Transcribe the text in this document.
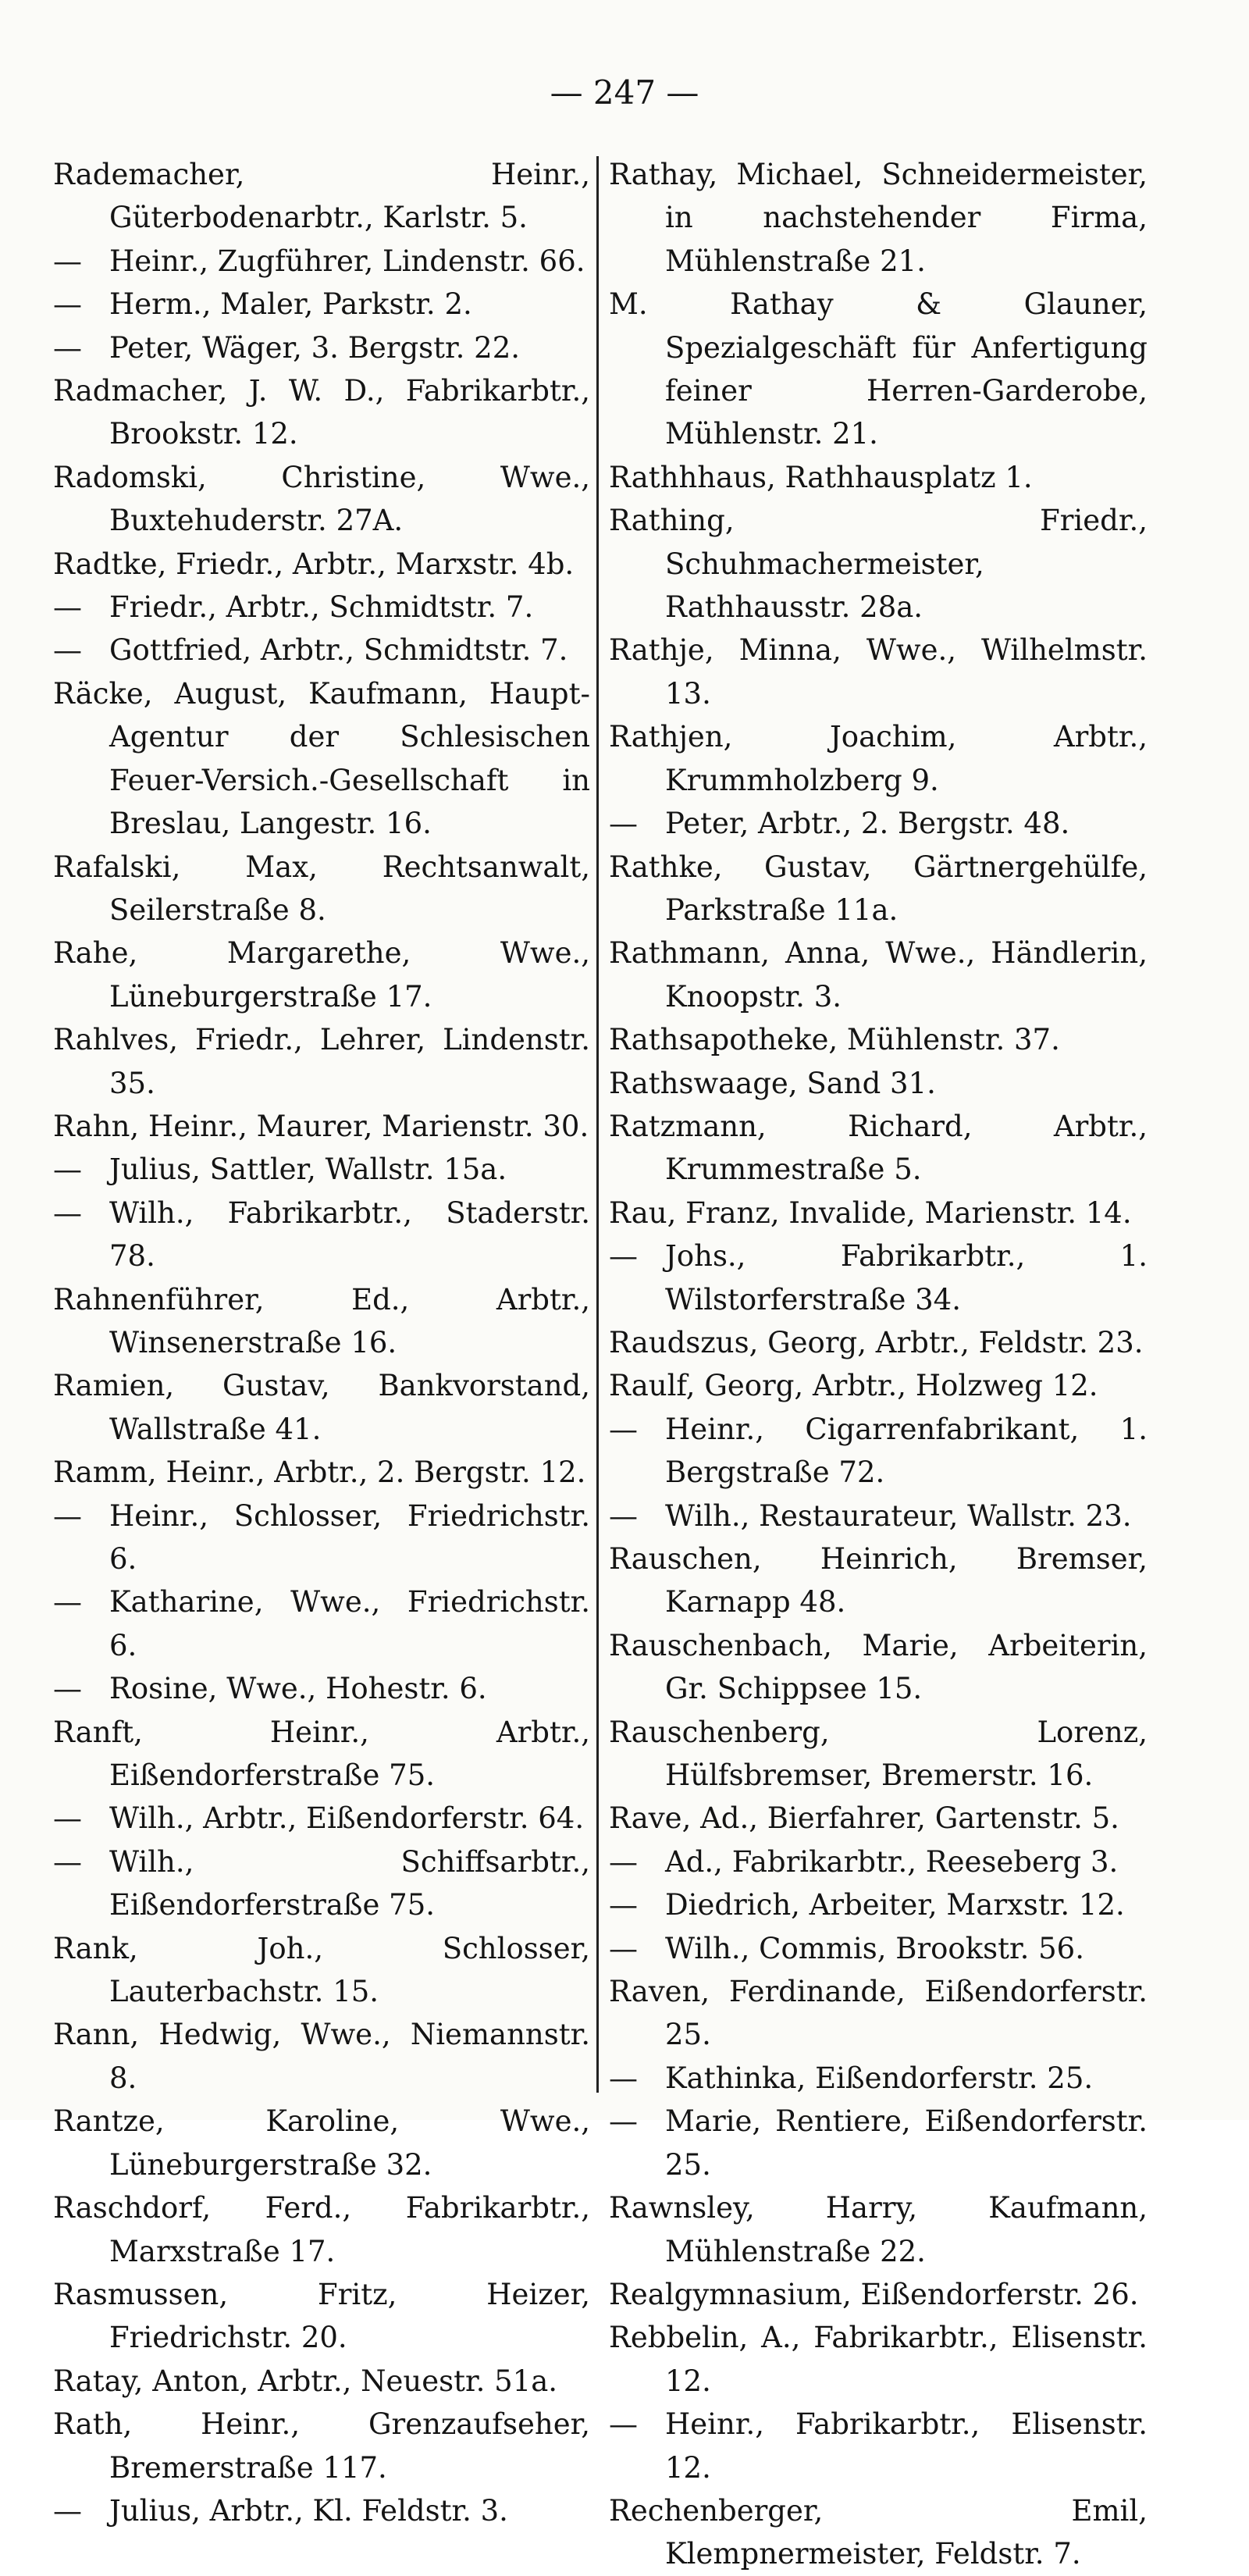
— 247 —

Rademacher, Heinr., Güterbodenarbtr., Karlstr. 5.

— Heinr., Zugführer, Lindenstr. 66.

— Herm., Maler, Parkstr. 2.

— Peter, Wäger, 3. Bergstr. 22.

Radmacher, J. W. D., Fabrikarbtr., Brookstr. 12.

Radomski, Christine, Wwe., Buxtehuderstr. 27A.

Radtke, Friedr., Arbtr., Marxstr. 4b.

— Friedr., Arbtr., Schmidtstr. 7.

— Gottfried, Arbtr., Schmidtstr. 7.

Räcke, August, Kaufmann, Haupt-Agentur der Schlesischen Feuer-Versich.-Gesellschaft in Breslau, Langestr. 16.

Rafalski, Max, Rechtsanwalt, Seilerstraße 8.

Rahe, Margarethe, Wwe., Lüneburgerstraße 17.

Rahlves, Friedr., Lehrer, Lindenstr. 35.

Rahn, Heinr., Maurer, Marienstr. 30.

— Julius, Sattler, Wallstr. 15a.

— Wilh., Fabrikarbtr., Staderstr. 78.

Rahnenführer, Ed., Arbtr., Winsenerstraße 16.

Ramien, Gustav, Bankvorstand, Wallstraße 41.

Ramm, Heinr., Arbtr., 2. Bergstr. 12.

— Heinr., Schlosser, Friedrichstr. 6.

— Katharine, Wwe., Friedrichstr. 6.

— Rosine, Wwe., Hohestr. 6.

Ranft, Heinr., Arbtr., Eißendorferstraße 75.

— Wilh., Arbtr., Eißendorferstr. 64.

— Wilh., Schiffsarbtr., Eißendorferstraße 75.

Rank, Joh., Schlosser, Lauterbachstr. 15.

Rann, Hedwig, Wwe., Niemannstr. 8.

Rantze, Karoline, Wwe., Lüneburgerstraße 32.

Raschdorf, Ferd., Fabrikarbtr., Marxstraße 17.

Rasmussen, Fritz, Heizer, Friedrichstr. 20.

Ratay, Anton, Arbtr., Neuestr. 51a.

Rath, Heinr., Grenzaufseher, Bremerstraße 117.

— Julius, Arbtr., Kl. Feldstr. 3.

Rathay, Michael, Schneidermeister, in nachstehender Firma, Mühlenstraße 21.

M. Rathay & Glauner, Spezialgeschäft für Anfertigung feiner Herren-Garderobe, Mühlenstr. 21.

Rathhhaus, Rathhausplatz 1.

Rathing, Friedr., Schuhmachermeister, Rathhausstr. 28a.

Rathje, Minna, Wwe., Wilhelmstr. 13.

Rathjen, Joachim, Arbtr., Krummholzberg 9.

— Peter, Arbtr., 2. Bergstr. 48.

Rathke, Gustav, Gärtnergehülfe, Parkstraße 11a.

Rathmann, Anna, Wwe., Händlerin, Knoopstr. 3.

Rathsapotheke, Mühlenstr. 37.

Rathswaage, Sand 31.

Ratzmann, Richard, Arbtr., Krummestraße 5.

Rau, Franz, Invalide, Marienstr. 14.

— Johs., Fabrikarbtr., 1. Wilstorferstraße 34.

Raudszus, Georg, Arbtr., Feldstr. 23.

Raulf, Georg, Arbtr., Holzweg 12.

— Heinr., Cigarrenfabrikant, 1. Bergstraße 72.

— Wilh., Restaurateur, Wallstr. 23.

Rauschen, Heinrich, Bremser, Karnapp 48.

Rauschenbach, Marie, Arbeiterin, Gr. Schippsee 15.

Rauschenberg, Lorenz, Hülfsbremser, Bremerstr. 16.

Rave, Ad., Bierfahrer, Gartenstr. 5.

— Ad., Fabrikarbtr., Reeseberg 3.

— Diedrich, Arbeiter, Marxstr. 12.

— Wilh., Commis, Brookstr. 56.

Raven, Ferdinande, Eißendorferstr. 25.

— Kathinka, Eißendorferstr. 25.

— Marie, Rentiere, Eißendorferstr. 25.

Rawnsley, Harry, Kaufmann, Mühlenstraße 22.

Realgymnasium, Eißendorferstr. 26.

Rebbelin, A., Fabrikarbtr., Elisenstr. 12.

— Heinr., Fabrikarbtr., Elisenstr. 12.

Rechenberger, Emil, Klempnermeister, Feldstr. 7.
